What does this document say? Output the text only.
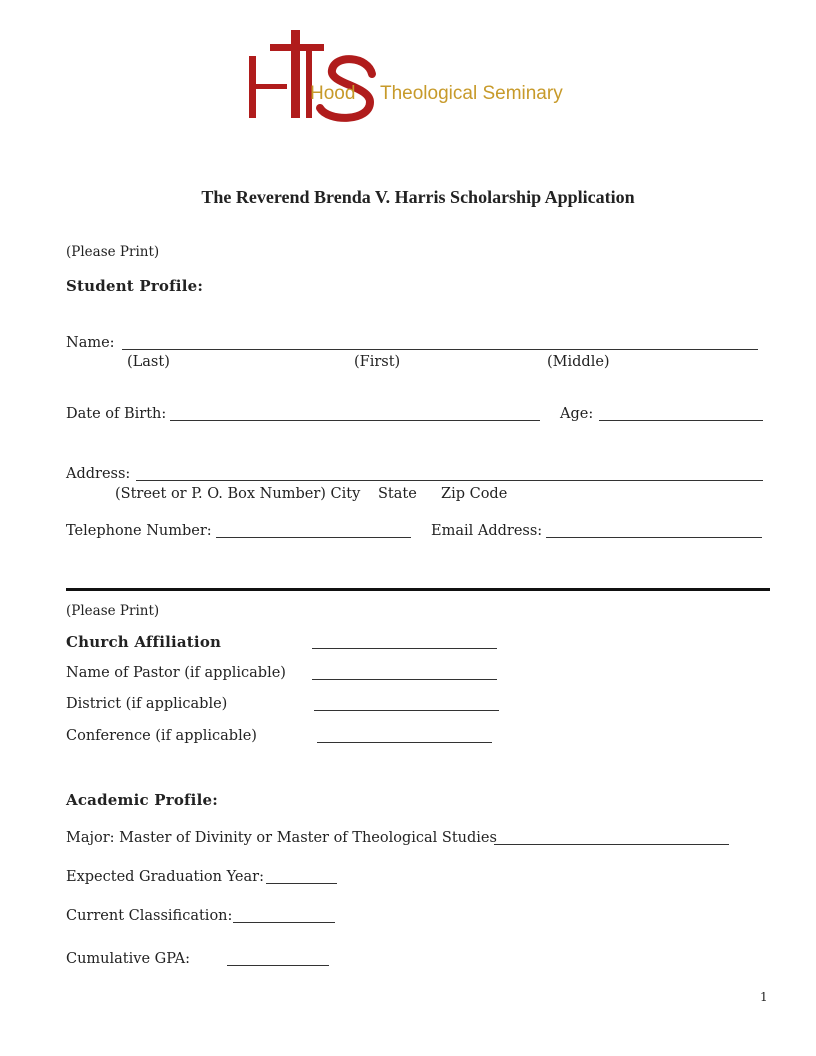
Hood Theological Seminary
The Reverend Brenda V. Harris Scholarship Application
(Please Print)
Student Profile:
Name:
(Last)	(First)	(Middle)
Date of Birth:	Age:
Address:
(Street or P. O. Box Number) City State Zip Code
Telephone Number:	Email Address:
(Please Print)
Church Affiliation
Name of Pastor (if applicable)
District (if applicable)
Conference (if applicable)
Academic Profile:
Major: Master of Divinity or Master of Theological Studies
Expected Graduation Year:
Current Classification:
Cumulative GPA:
1
